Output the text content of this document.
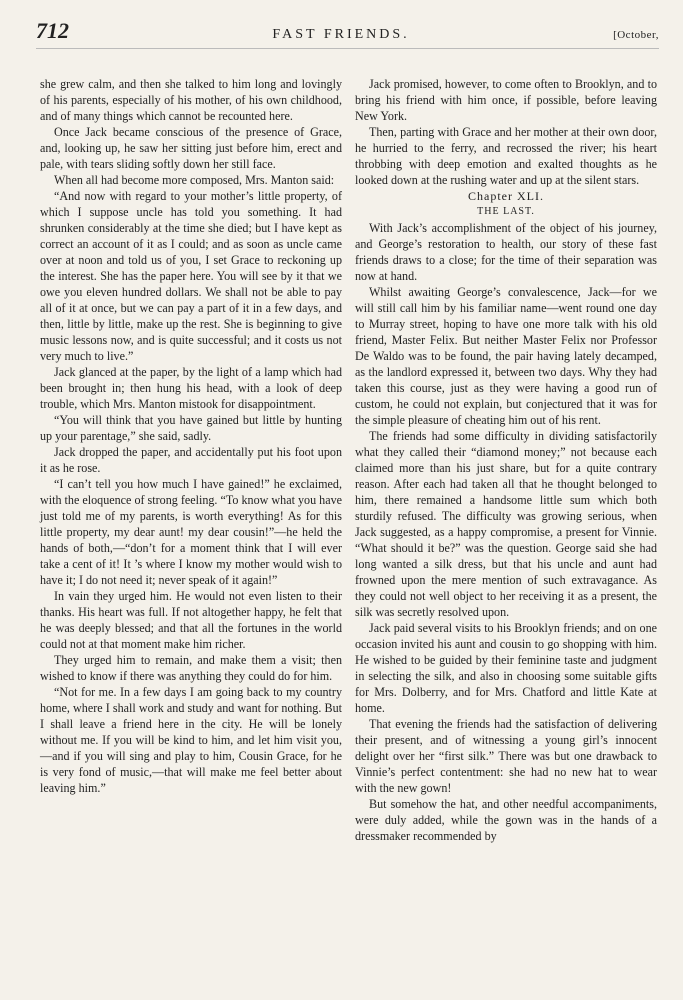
712	FAST FRIENDS.	[October,

she grew calm, and then she talked to him long and lovingly of his parents, especially of his mother, of his own childhood, and of many things which cannot be recounted here.

Once Jack became conscious of the presence of Grace, and, looking up, he saw her sitting just before him, erect and pale, with tears sliding softly down her still face.

When all had become more composed, Mrs. Manton said:

“And now with regard to your mother’s little property, of which I suppose uncle has told you something. It had shrunken considerably at the time she died; but I have kept as correct an account of it as I could; and as soon as uncle came over at noon and told us of you, I set Grace to reckoning up the interest. She has the paper here. You will see by it that we owe you eleven hundred dollars. We shall not be able to pay all of it at once, but we can pay a part of it in a few days, and then, little by little, make up the rest. She is beginning to give music lessons now, and is quite successful; and it costs us not very much to live.”

Jack glanced at the paper, by the light of a lamp which had been brought in; then hung his head, with a look of deep trouble, which Mrs. Manton mistook for disappointment.

“You will think that you have gained but little by hunting up your parentage,” she said, sadly.

Jack dropped the paper, and accidentally put his foot upon it as he rose.

“I can’t tell you how much I have gained!” he exclaimed, with the eloquence of strong feeling. “To know what you have just told me of my parents, is worth everything! As for this little property, my dear aunt! my dear cousin!”—he held the hands of both,—“don’t for a moment think that I will ever take a cent of it! It ’s where I know my mother would wish to have it; I do not need it; never speak of it again!”

In vain they urged him. He would not even listen to their thanks. His heart was full. If not altogether happy, he felt that he was deeply blessed; and that all the fortunes in the world could not at that moment make him richer.

They urged him to remain, and make them a visit; then wished to know if there was anything they could do for him.

“Not for me. In a few days I am going back to my country home, where I shall work and study and want for nothing. But I shall leave a friend here in the city. He will be lonely without me. If you will be kind to him, and let him visit you,—and if you will sing and play to him, Cousin Grace, for he is very fond of music,—that will make me feel better about leaving him.”

Jack promised, however, to come often to Brooklyn, and to bring his friend with him once, if possible, before leaving New York.

Then, parting with Grace and her mother at their own door, he hurried to the ferry, and recrossed the river; his heart throbbing with deep emotion and exalted thoughts as he looked down at the rushing water and up at the silent stars.

Chapter XLI.

THE LAST.

With Jack’s accomplishment of the object of his journey, and George’s restoration to health, our story of these fast friends draws to a close; for the time of their separation was now at hand.

Whilst awaiting George’s convalescence, Jack—for we will still call him by his familiar name—went round one day to Murray street, hoping to have one more talk with his old friend, Master Felix. But neither Master Felix nor Professor De Waldo was to be found, the pair having lately decamped, as the landlord expressed it, between two days. Why they had taken this course, just as they were having a good run of custom, he could not explain, but conjectured that it was for the simple pleasure of cheating him out of his rent.

The friends had some difficulty in dividing satisfactorily what they called their “diamond money;” not because each claimed more than his just share, but for a quite contrary reason. After each had taken all that he thought belonged to him, there remained a handsome little sum which both sturdily refused. The difficulty was growing serious, when Jack suggested, as a happy compromise, a present for Vinnie. “What should it be?” was the question. George said she had long wanted a silk dress, but that his uncle and aunt had frowned upon the mere mention of such extravagance. As they could not well object to her receiving it as a present, the silk was secretly resolved upon.

Jack paid several visits to his Brooklyn friends; and on one occasion invited his aunt and cousin to go shopping with him. He wished to be guided by their feminine taste and judgment in selecting the silk, and also in choosing some suitable gifts for Mrs. Dolberry, and for Mrs. Chatford and little Kate at home.

That evening the friends had the satisfaction of delivering their present, and of witnessing a young girl’s innocent delight over her “first silk.” There was but one drawback to Vinnie’s perfect contentment: she had no new hat to wear with the new gown!

But somehow the hat, and other needful accompaniments, were duly added, while the gown was in the hands of a dressmaker recommended by
